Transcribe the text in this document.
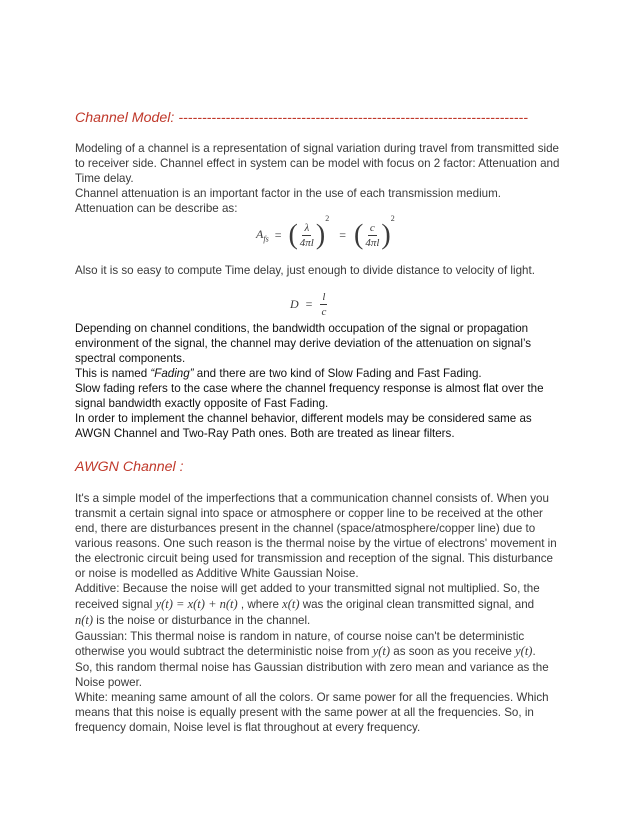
Channel Model: --------------------------------------------------------------------------
Modeling of a channel is a representation of signal variation during travel from transmitted side
to receiver side. Channel effect in system can be model with focus on 2 factor: Attenuation and
Time delay.
Channel attenuation is an important factor in the use of each transmission medium.
Attenuation can be describe as:
$A_{fs}$ = ( $\frac{\lambda}{4\pi l} )^2$ = ( $\frac{c}{4\pi l} )^2$
Also it is so easy to compute Time delay, just enough to divide distance to velocity of light.
$D = \frac{l}{c}$
Depending on channel conditions, the bandwidth occupation of the signal or propagation
environment of the signal, the channel may derive deviation of the attenuation on signal’s
spectral components.
This is named “Fading” and there are two kind of Slow Fading and Fast Fading.
Slow fading refers to the case where the channel frequency response is almost flat over the
signal bandwidth exactly opposite of Fast Fading.
In order to implement the channel behavior, different models may be considered same as
AWGN Channel and Two-Ray Path ones. Both are treated as linear filters.
AWGN Channel :
It's a simple model of the imperfections that a communication channel consists of. When you
transmit a certain signal into space or atmosphere or copper line to be received at the other
end, there are disturbances present in the channel (space/atmosphere/copper line) due to
various reasons. One such reason is the thermal noise by the virtue of electrons' movement in
the electronic circuit being used for transmission and reception of the signal. This disturbance
or noise is modelled as Additive White Gaussian Noise.
Additive: Because the noise will get added to your transmitted signal not multiplied. So, the
received signal y(t) = x(t) + n(t) , where x(t) was the original clean transmitted signal, and
n(t) is the noise or disturbance in the channel.
Gaussian: This thermal noise is random in nature, of course noise can't be deterministic
otherwise you would subtract the deterministic noise from y(t) as soon as you receive y(t).
So, this random thermal noise has Gaussian distribution with zero mean and variance as the
Noise power.
White: meaning same amount of all the colors. Or same power for all the frequencies. Which
means that this noise is equally present with the same power at all the frequencies. So, in
frequency domain, Noise level is flat throughout at every frequency.
